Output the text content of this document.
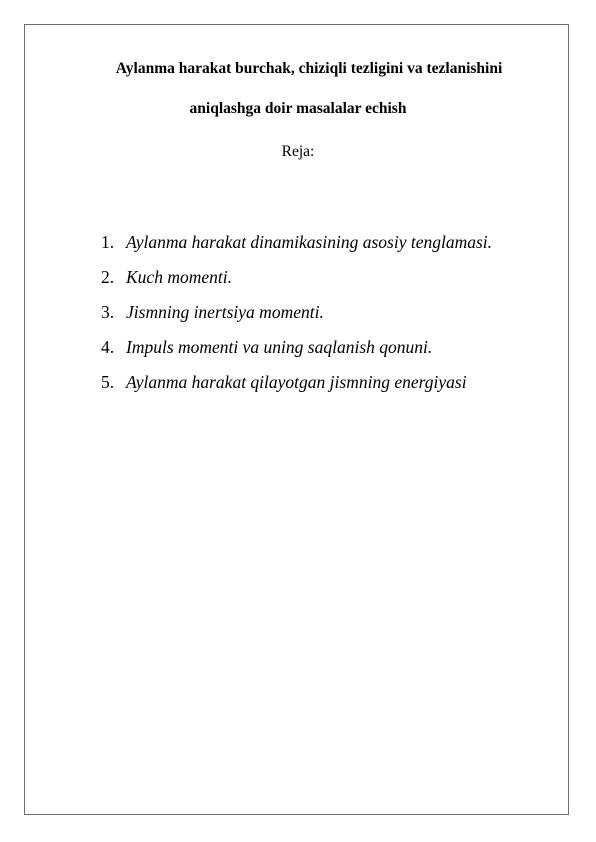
Aylanma harakat burchak, chiziqli tezligini va tezlanishini
aniqlashga doir masalalar echish
Reja:
1. Aylanma harakat dinamikasining asosiy tenglamasi.
2. Kuch momenti.
3. Jismning inertsiya momenti.
4. Impuls momenti va uning saqlanish qonuni.
5. Aylanma harakat qilayotgan jismning energiyasi
